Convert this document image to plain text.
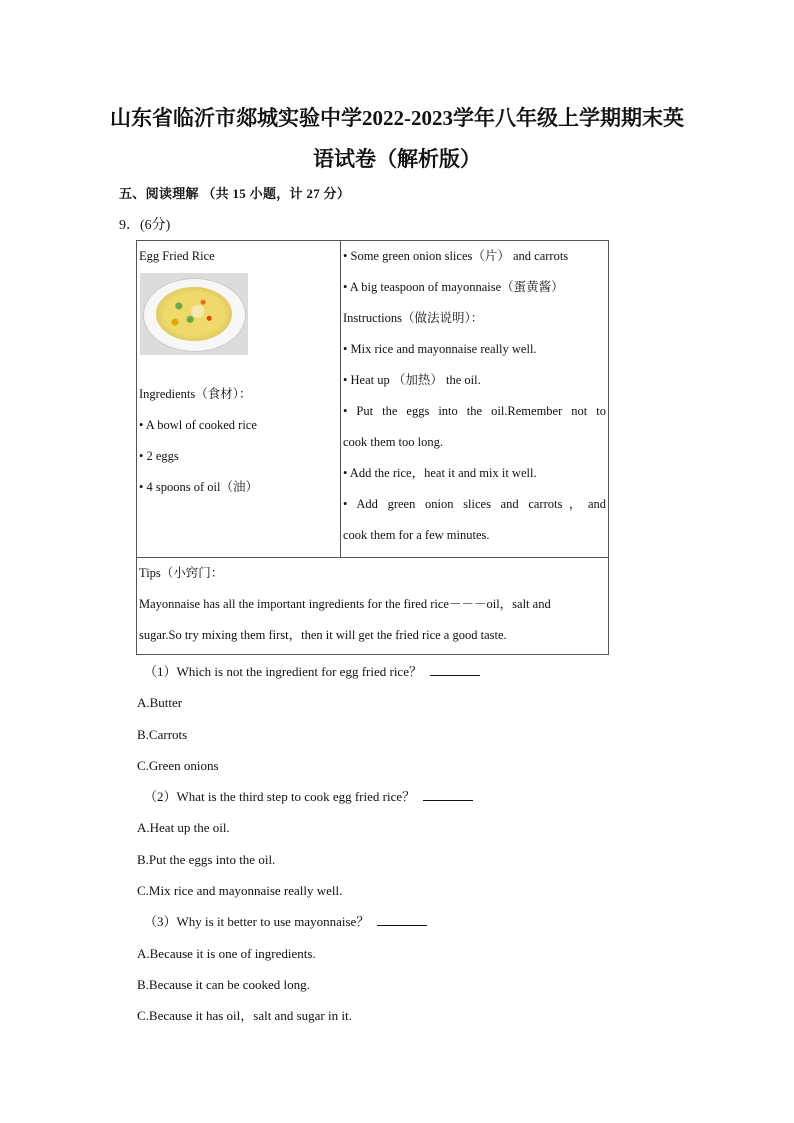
山东省临沂市郯城实验中学2022-2023学年八年级上学期期末英
语试卷（解析版）
五、阅读理解 （共 15 小题，计 27 分）
9．(6分)
Egg Fried Rice
Ingredients（食材）：
• A bowl of cooked rice
• 2 eggs
• 4 spoons of oil（油）

• Some green onion slices（片） and carrots
• A big teaspoon of mayonnaise（蛋黄酱）
Instructions（做法说明）：
• Mix rice and mayonnaise really well.
• Heat up （加热） the oil.
• Put the eggs into the oil.Remember not to
cook them too long.
• Add the rice，heat it and mix it well.
• Add green onion slices and carrots，and
cook them for a few minutes.

Tips（小窍门：
Mayonnaise has all the important ingredients for the fired rice－－－oil，salt and
sugar.So try mixing them first，then it will get the fried rice a good taste.
（1）Which is not the ingredient for egg fried rice？
A.Butter
B.Carrots
C.Green onions
（2）What is the third step to cook egg fried rice？
A.Heat up the oil.
B.Put the eggs into the oil.
C.Mix rice and mayonnaise really well.
（3）Why is it better to use mayonnaise？
A.Because it is one of ingredients.
B.Because it can be cooked long.
C.Because it has oil，salt and sugar in it.
